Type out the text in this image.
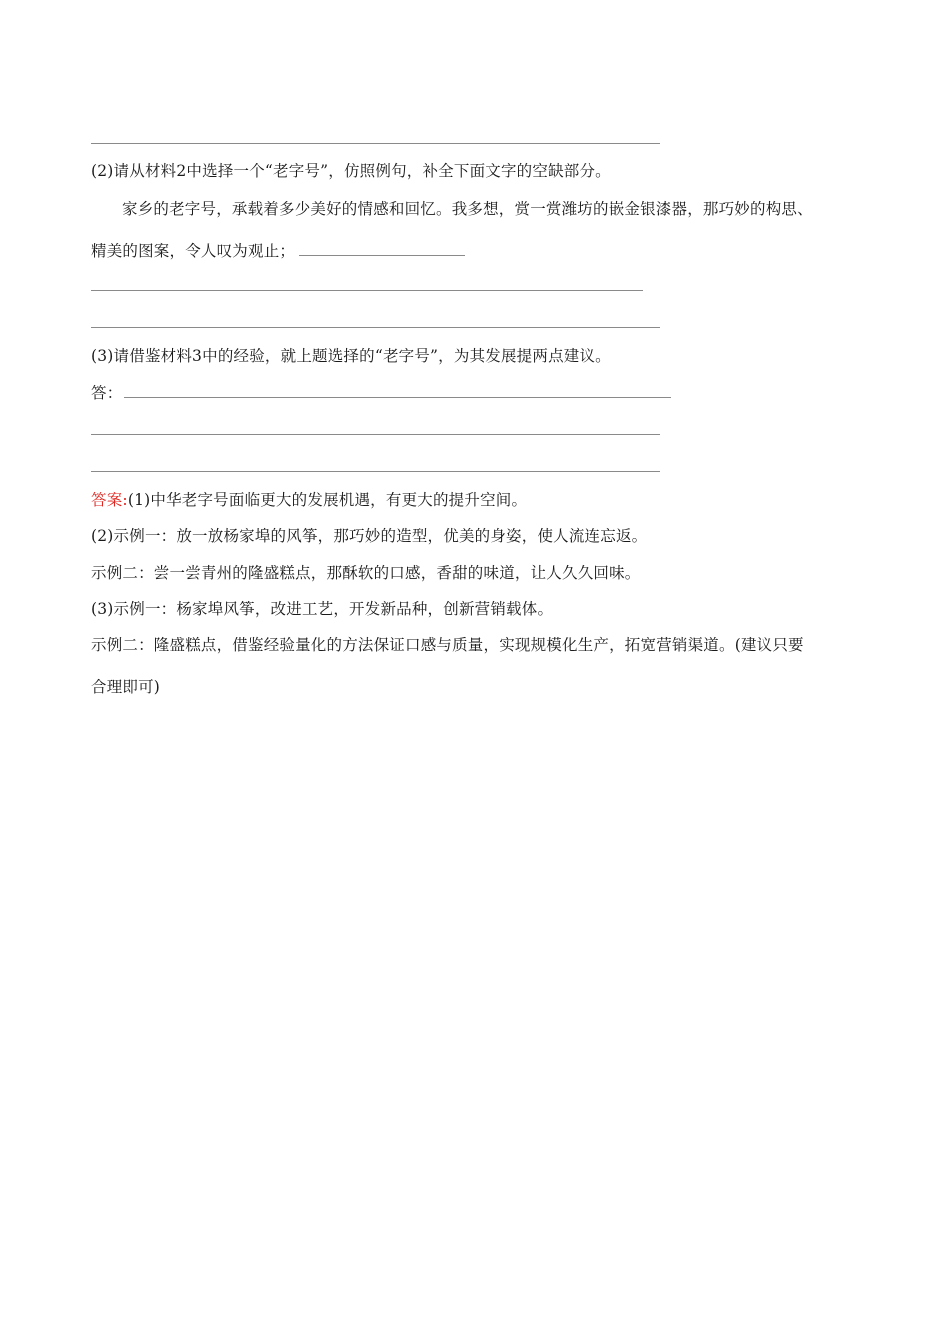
(2)请从材料2中选择一个“老字号”，仿照例句，补全下面文字的空缺部分。
家乡的老字号，承载着多少美好的情感和回忆。我多想，赏一赏潍坊的嵌金银漆器，那巧妙的构思、
精美的图案，令人叹为观止；
(3)请借鉴材料3中的经验，就上题选择的“老字号”，为其发展提两点建议。
答：
答案:(1)中华老字号面临更大的发展机遇，有更大的提升空间。
(2)示例一：放一放杨家埠的风筝，那巧妙的造型，优美的身姿，使人流连忘返。
示例二：尝一尝青州的隆盛糕点，那酥软的口感，香甜的味道，让人久久回味。
(3)示例一：杨家埠风筝，改进工艺，开发新品种，创新营销载体。
示例二：隆盛糕点，借鉴经验量化的方法保证口感与质量，实现规模化生产，拓宽营销渠道。(建议只要
合理即可)
